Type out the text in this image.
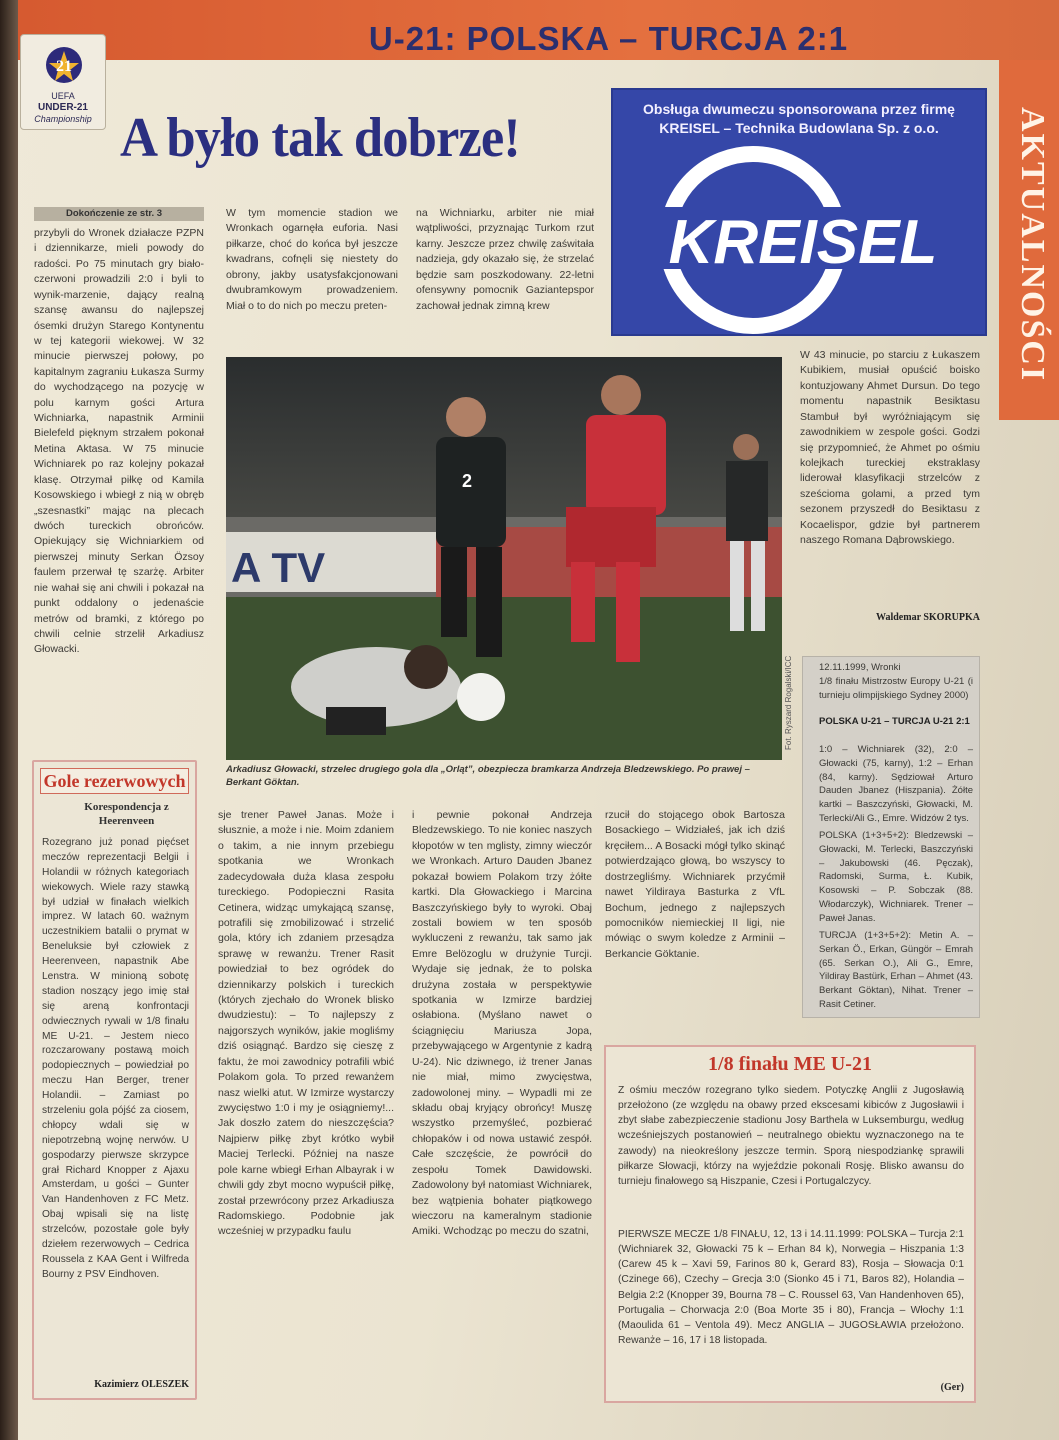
U-21: POLSKA – TURCJA 2:1
21
UEFA
UNDER-21
Championship	AKTUALNOŚCI
A było tak dobrze!	Obsługa dwumeczu sponsorowana przez firmę
KREISEL – Technika Budowlana Sp. z o.o.
KREISEL
Dokończenie ze str. 3
przybyli do Wronek działacze PZPN i dziennikarze, mieli powody do radości. Po 75 minutach gry biało-czerwoni prowadzili 2:0 i byli to wynik-marzenie, dający realną szansę awansu do najlepszej ósemki drużyn Starego Kontynentu w tej kategorii wiekowej. W 32 minucie pierwszej połowy, po kapitalnym zagraniu Łukasza Surmy do wychodzącego na pozycję w polu karnym gości Artura Wichniarka, napastnik Arminii Bielefeld pięknym strzałem pokonał Metina Aktasa. W 75 minucie Wichniarek po raz kolejny pokazał klasę. Otrzymał piłkę od Kamila Kosowskiego i wbiegł z nią w obręb „szesnastki” mając na plecach dwóch tureckich obrońców. Opiekujący się Wichniarkiem od pierwszej minuty Serkan Özsoy faulem przerwał tę szarżę. Arbiter nie wahał się ani chwili i pokazał na punkt oddalony o jedenaście metrów od bramki, z którego po chwili celnie strzelił Arkadiusz Głowacki.
W tym momencie stadion we Wronkach ogarnęła euforia. Nasi piłkarze, choć do końca był jeszcze kwadrans, cofnęli się niestety do obrony, jakby usatysfakcjonowani dwubramkowym prowadzeniem. Miał o to do nich po meczu preten-
na Wichniarku, arbiter nie miał wątpliwości, przyznając Turkom rzut karny. Jeszcze przez chwilę zaświtała nadzieja, gdy okazało się, że strzelać będzie sam poszkodowany. 22-letni ofensywny pomocnik Gaziantepspor zachował jednak zimną krew
W 43 minucie, po starciu z Łukaszem Kubikiem, musiał opuścić boisko kontuzjowany Ahmet Dursun. Do tego momentu napastnik Besiktasu Stambuł był wyróżniającym się zawodnikiem w zespole gości. Godzi się przypomnieć, że Ahmet po ośmiu kolejkach tureckiej ekstraklasy liderował klasyfikacji strzelców z sześcioma golami, a przed tym sezonem przyszedł do Besiktasu z Kocaelispor, gdzie był partnerem naszego Romana Dąbrowskiego.
Waldemar SKORUPKA
A TV
2
Fot. Ryszard Rogalski/ICC
Arkadiusz Głowacki, strzelec drugiego gola dla „Orląt”, obezpiecza bramkarza Andrzeja Bledzewskiego. Po prawej – Berkant Göktan.
Gole rezerwowych
Korespondencja z Heerenveen
Rozegrano już ponad pięćset meczów reprezentacji Belgii i Holandii w różnych kategoriach wiekowych. Wiele razy stawką był udział w finałach wielkich imprez. W latach 60. ważnym uczestnikiem batalii o prymat w Beneluksie był człowiek z Heerenveen, napastnik Abe Lenstra. W minioną sobotę stadion noszący jego imię stał się areną konfrontacji odwiecznych rywali w 1/8 finału ME U-21. – Jestem nieco rozczarowany postawą moich podopiecznych – powiedział po meczu Han Berger, trener Holandii. – Zamiast po strzeleniu gola pójść za ciosem, chłopcy wdali się w niepotrzebną wojnę nerwów. U gospodarzy pierwsze skrzypce grał Richard Knopper z Ajaxu Amsterdam, u gości – Gunter Van Handenhoven z FC Metz. Obaj wpisali się na listę strzelców, pozostałe gole były dziełem rezerwowych – Cedrica Roussela z KAA Gent i Wilfreda Bourny z PSV Eindhoven.
Kazimierz OLESZEK
sje trener Paweł Janas. Może i słusznie, a może i nie. Moim zdaniem o takim, a nie innym przebiegu spotkania we Wronkach zadecydowała duża klasa zespołu tureckiego. Podopieczni Rasita Cetinera, widząc umykającą szansę, potrafili się zmobilizować i strzelić gola, który ich zdaniem przesądza sprawę w rewanżu. Trener Rasit powiedział to bez ogródek do dziennikarzy polskich i tureckich (których zjechało do Wronek blisko dwudziestu): – To najlepszy z najgorszych wyników, jakie mogliśmy dziś osiągnąć. Bardzo się cieszę z faktu, że moi zawodnicy potrafili wbić Polakom gola. To przed rewanżem nasz wielki atut. W Izmirze wystarczy zwycięstwo 1:0 i my je osiągniemy!... Jak doszło zatem do nieszczęścia? Najpierw piłkę zbyt krótko wybił Maciej Terlecki. Później na nasze pole karne wbiegł Erhan Albayrak i w chwili gdy zbyt mocno wypuścił piłkę, został przewrócony przez Arkadiusza Radomskiego. Podobnie jak wcześniej w przypadku faulu
i pewnie pokonał Andrzeja Bledzewskiego. To nie koniec naszych kłopotów w ten mglisty, zimny wieczór we Wronkach. Arturo Dauden Jbanez pokazał bowiem Polakom trzy żółte kartki. Dla Głowackiego i Marcina Baszczyńskiego były to wyroki. Obaj zostali bowiem w ten sposób wykluczeni z rewanżu, tak samo jak Emre Belözoglu w drużynie Turcji. Wydaje się jednak, że to polska drużyna została w perspektywie spotkania w Izmirze bardziej osłabiona. (Myślano nawet o ściągnięciu Mariusza Jopa, przebywającego w Argentynie z kadrą U-24). Nic dziwnego, iż trener Janas nie miał, mimo zwycięstwa, zadowolonej miny. – Wypadli mi ze składu obaj kryjący obrońcy! Muszę wszystko przemyśleć, pozbierać chłopaków i od nowa ustawić zespół. Całe szczęście, że powrócił do zespołu Tomek Dawidowski. Zadowolony był natomiast Wichniarek, bez wątpienia bohater piątkowego wieczoru na kameralnym stadionie Amiki. Wchodząc po meczu do szatni,
rzucił do stojącego obok Bartosza Bosackiego – Widziałeś, jak ich dziś kręciłem... A Bosacki mógł tylko skinąć potwierdzająco głową, bo wszyscy to dostrzegliśmy. Wichniarek przyćmił nawet Yildiraya Basturka z VfL Bochum, jednego z najlepszych pomocników niemieckiej II ligi, nie mówiąc o swym koledze z Arminii – Berkancie Göktanie.
12.11.1999, Wronki
1/8 finału Mistrzostw Europy U-21 (i turnieju olimpijskiego Sydney 2000)
POLSKA U-21 – TURCJA U-21 2:1
1:0 – Wichniarek (32), 2:0 – Głowacki (75, karny), 1:2 – Erhan (84, karny). Sędziował Arturo Dauden Jbanez (Hiszpania). Żółte kartki – Baszczyński, Głowacki, M. Terlecki/Ali G., Emre. Widzów 2 tys.
POLSKA (1+3+5+2): Bledzewski – Głowacki, M. Terlecki, Baszczyński – Jakubowski (46. Pęczak), Radomski, Surma, Ł. Kubik, Kosowski – P. Sobczak (88. Włodarczyk), Wichniarek. Trener – Paweł Janas.
TURCJA (1+3+5+2): Metin A. – Serkan Ö., Erkan, Güngör – Emrah (65. Serkan O.), Ali G., Emre, Yildiray Bastürk, Erhan – Ahmet (43. Berkant Göktan), Nihat. Trener – Rasit Cetiner.
1/8 finału ME U-21
Z ośmiu meczów rozegrano tylko siedem. Potyczkę Anglii z Jugosławią przełożono (ze względu na obawy przed ekscesami kibiców z Jugosławii i zbyt słabe zabezpieczenie stadionu Josy Barthela w Luksemburgu, według wcześniejszych postanowień – neutralnego obiektu wyznaczonego na te zawody) na nieokreślony jeszcze termin. Sporą niespodziankę sprawili piłkarze Słowacji, którzy na wyjeździe pokonali Rosję. Blisko awansu do turnieju finałowego są Hiszpanie, Czesi i Portugalczycy.
PIERWSZE MECZE 1/8 FINAŁU, 12, 13 i 14.11.1999: POLSKA – Turcja 2:1 (Wichniarek 32, Głowacki 75 k – Erhan 84 k), Norwegia – Hiszpania 1:3 (Carew 45 k – Xavi 59, Farinos 80 k, Gerard 83), Rosja – Słowacja 0:1 (Czinege 66), Czechy – Grecja 3:0 (Sionko 45 i 71, Baros 82), Holandia – Belgia 2:2 (Knopper 39, Bourna 78 – C. Roussel 63, Van Handenhoven 65), Portugalia – Chorwacja 2:0 (Boa Morte 35 i 80), Francja – Włochy 1:1 (Maoulida 61 – Ventola 49). Mecz ANGLIA – JUGOSŁAWIA przełożono. Rewanże – 16, 17 i 18 listopada.
(Ger)
